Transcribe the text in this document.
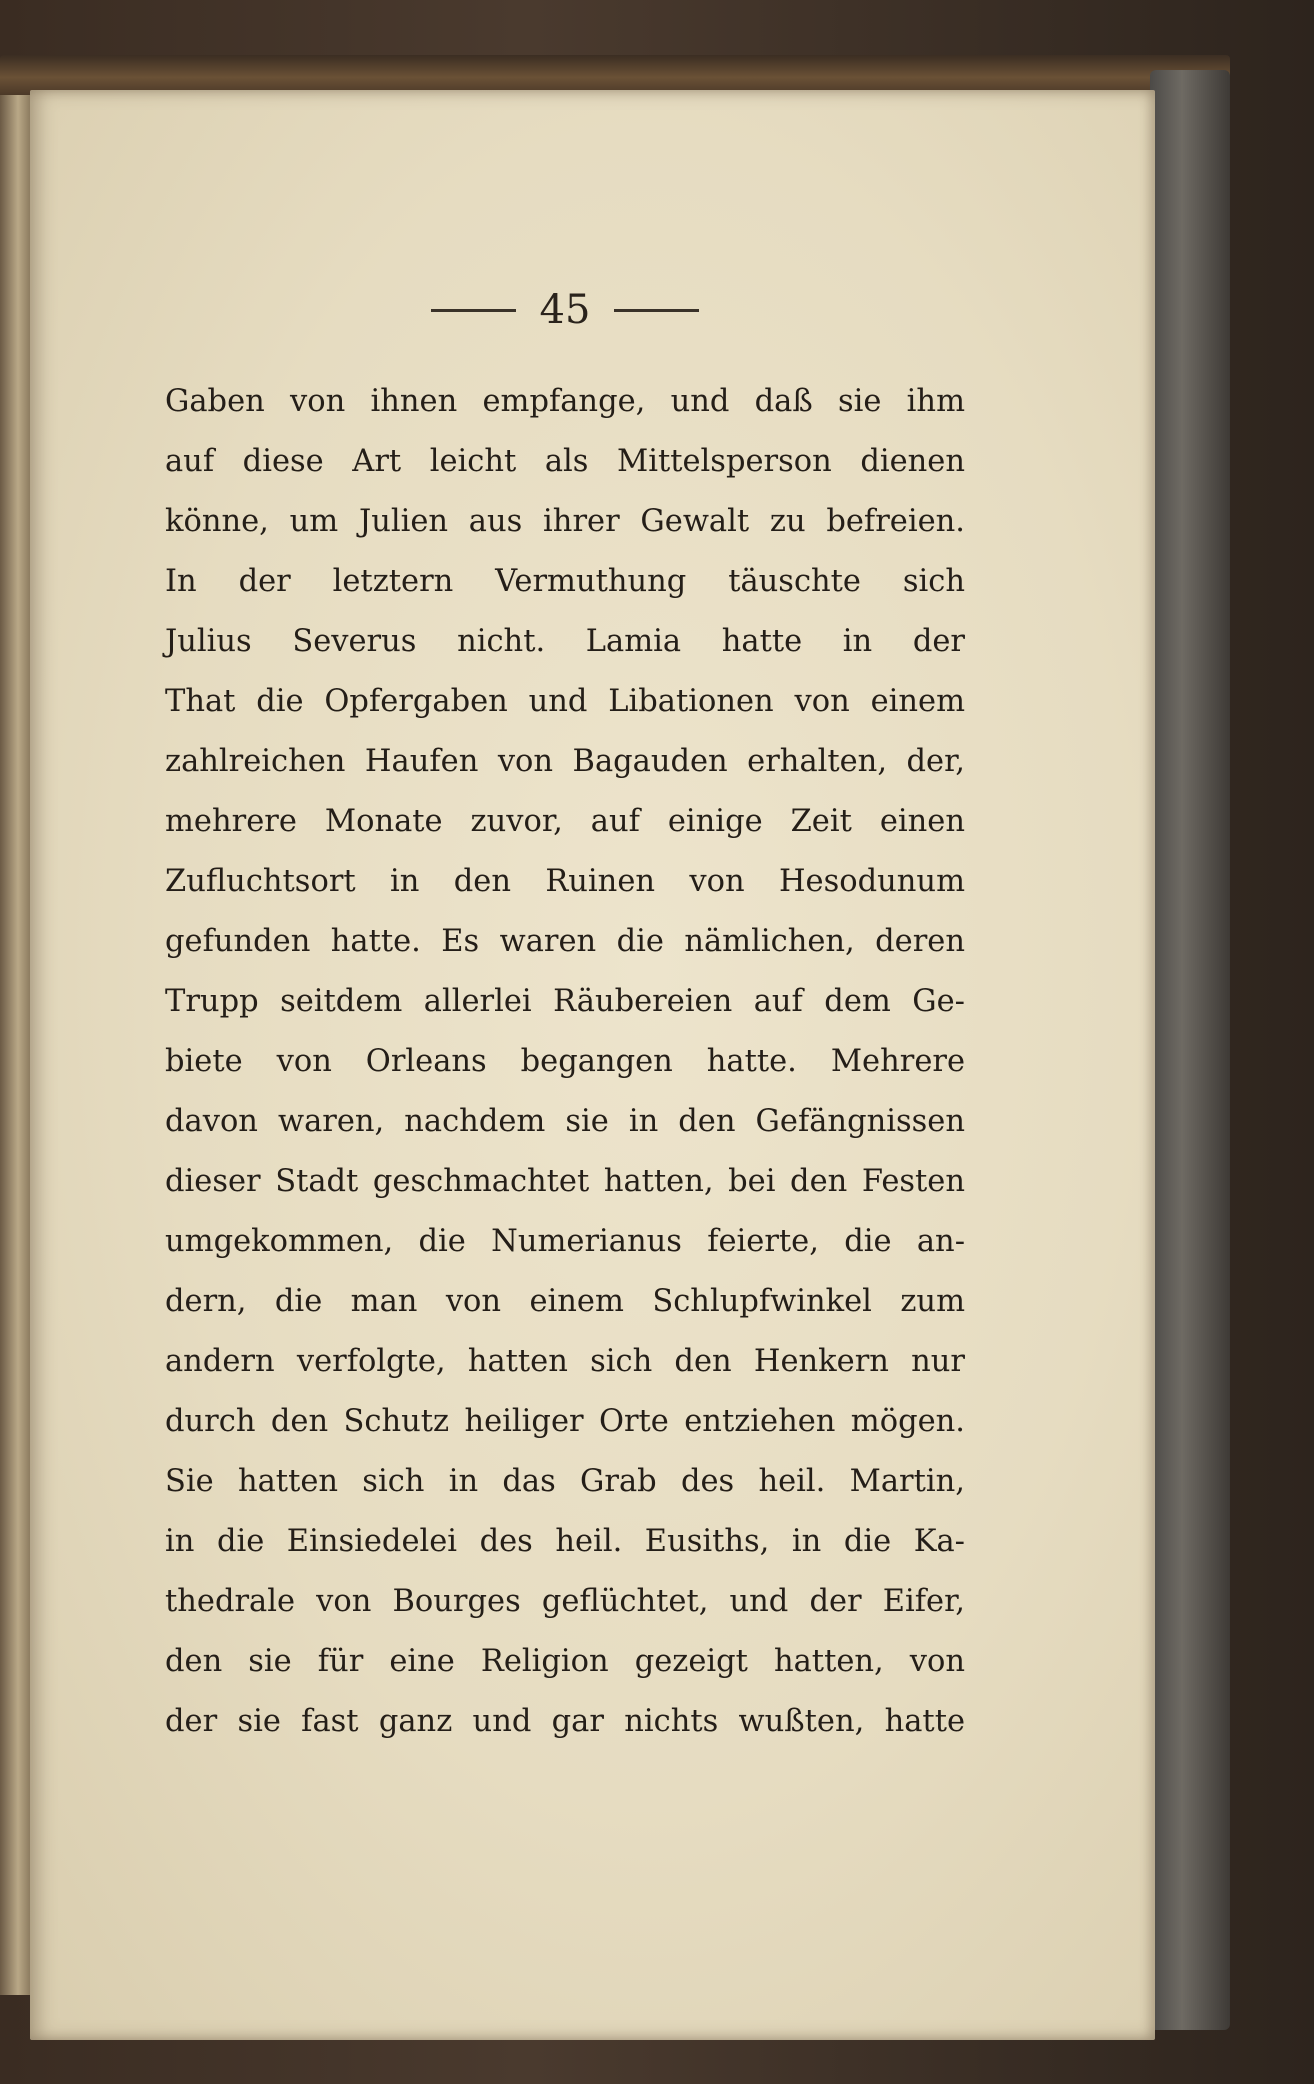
45
Gaben von ihnen empfange, und daß sie ihm
auf diese Art leicht als Mittelsperson dienen
könne, um Julien aus ihrer Gewalt zu befreien.
In der letztern Vermuthung täuschte sich
Julius Severus nicht. Lamia hatte in der
That die Opfergaben und Libationen von einem
zahlreichen Haufen von Bagauden erhalten, der,
mehrere Monate zuvor, auf einige Zeit einen
Zufluchtsort in den Ruinen von Hesodunum
gefunden hatte. Es waren die nämlichen, deren
Trupp seitdem allerlei Räubereien auf dem Ge-
biete von Orleans begangen hatte. Mehrere
davon waren, nachdem sie in den Gefängnissen
dieser Stadt geschmachtet hatten, bei den Festen
umgekommen, die Numerianus feierte, die an-
dern, die man von einem Schlupfwinkel zum
andern verfolgte, hatten sich den Henkern nur
durch den Schutz heiliger Orte entziehen mögen.
Sie hatten sich in das Grab des heil. Martin,
in die Einsiedelei des heil. Eusiths, in die Ka-
thedrale von Bourges geflüchtet, und der Eifer,
den sie für eine Religion gezeigt hatten, von
der sie fast ganz und gar nichts wußten, hatte
